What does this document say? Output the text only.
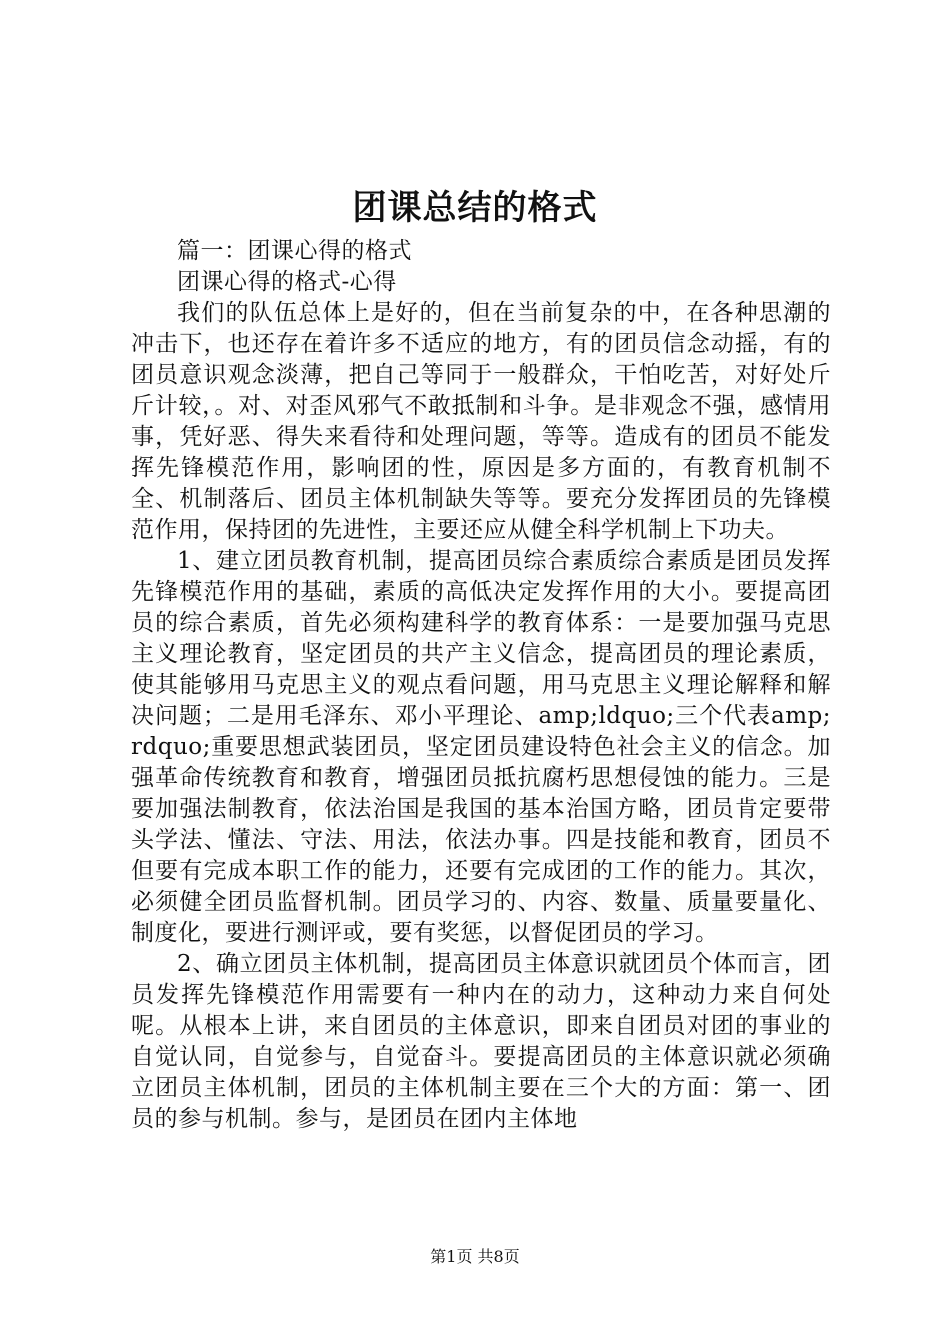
团课总结的格式

篇一：团课心得的格式

团课心得的格式-心得

我们的队伍总体上是好的，但在当前复杂的中，在各种思潮的冲击下，也还存在着许多不适应的地方，有的团员信念动摇，有的团员意识观念淡薄，把自己等同于一般群众，干怕吃苦，对好处斤斤计较，。对、对歪风邪气不敢抵制和斗争。是非观念不强，感情用事，凭好恶、得失来看待和处理问题，等等。造成有的团员不能发挥先锋模范作用，影响团的性，原因是多方面的，有教育机制不全、机制落后、团员主体机制缺失等等。要充分发挥团员的先锋模范作用，保持团的先进性，主要还应从健全科学机制上下功夫。

1、建立团员教育机制，提高团员综合素质综合素质是团员发挥先锋模范作用的基础，素质的高低决定发挥作用的大小。要提高团员的综合素质，首先必须构建科学的教育体系：一是要加强马克思主义理论教育，坚定团员的共产主义信念，提高团员的理论素质，使其能够用马克思主义的观点看问题，用马克思主义理论解释和解决问题；二是用毛泽东、邓小平理论、amp;ldquo;三个代表amp;rdquo;重要思想武装团员，坚定团员建设特色社会主义的信念。加强革命传统教育和教育，增强团员抵抗腐朽思想侵蚀的能力。三是要加强法制教育，依法治国是我国的基本治国方略，团员肯定要带头学法、懂法、守法、用法，依法办事。四是技能和教育，团员不但要有完成本职工作的能力，还要有完成团的工作的能力。其次，必须健全团员监督机制。团员学习的、内容、数量、质量要量化、制度化，要进行测评或，要有奖惩，以督促团员的学习。

2、确立团员主体机制，提高团员主体意识就团员个体而言，团员发挥先锋模范作用需要有一种内在的动力，这种动力来自何处呢。从根本上讲，来自团员的主体意识，即来自团员对团的事业的自觉认同，自觉参与，自觉奋斗。要提高团员的主体意识就必须确立团员主体机制，团员的主体机制主要在三个大的方面：第一、团员的参与机制。参与，是团员在团内主体地

第1页 共8页
